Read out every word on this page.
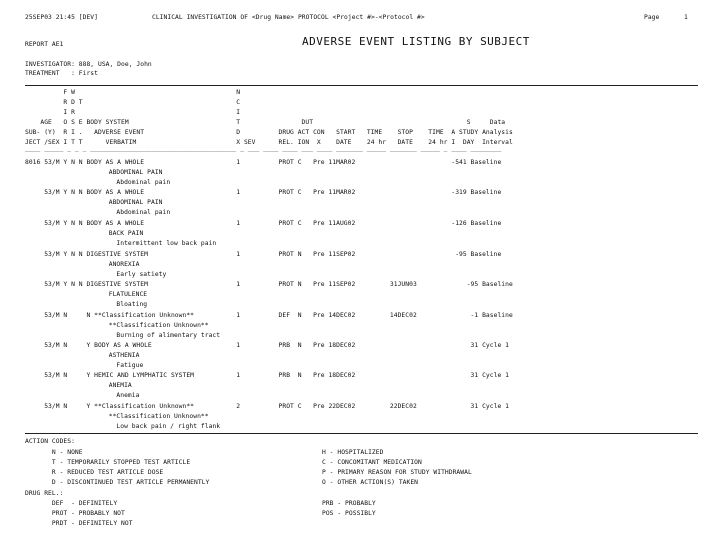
25SEP03 21:45 [DEV]	CLINICAL INVESTIGATION OF <Drug Name> PROTOCOL <Project #>-<Protocol #>	Page	1
REPORT AE1	ADVERSE EVENT LISTING BY SUBJECT
INVESTIGATOR: 888, USA, Doe, John
TREATMENT   : First
F W                                          N
R D T                                        C
I R                                          I
AGE   O S E BODY SYSTEM                            T                DUT                                        S     Data
SUB- (Y)  R I .   ADVERSE EVENT                        D          DRUG ACT CON   START   TIME    STOP    TIME  A STUDY Analysis
JECT /SEX I T T      VERBATIM                          X SEV      REL. ION  X    DATE    24 hr   DATE    24 hr I  DAY  Interval
____ _____ _ _ _ ______________________________________ _ ___ ____ ____ ___ ____ _______ _____ _______ _____ _ ____ ________
8016 53/M Y N N BODY AS A WHOLE                        1          PROT C   Pre 11MAR02                         -541 Baseline
ABDOMINAL PAIN
Abdominal pain
53/M Y N N BODY AS A WHOLE                        1          PROT C   Pre 11MAR02                         -319 Baseline
ABDOMINAL PAIN
Abdominal pain
53/M Y N N BODY AS A WHOLE                        1          PROT C   Pre 11AUG02                         -126 Baseline
BACK PAIN
Intermittent low back pain
53/M Y N N DIGESTIVE SYSTEM                       1          PROT N   Pre 11SEP02                          -95 Baseline
ANOREXIA
Early satiety
53/M Y N N DIGESTIVE SYSTEM                       1          PROT N   Pre 11SEP02         31JUN03             -95 Baseline
FLATULENCE
Bloating
53/M N     N **Classification Unknown**           1          DEF  N   Pre 14DEC02         14DEC02              -1 Baseline
**Classification Unknown**
Burning of alimentary tract
53/M N     Y BODY AS A WHOLE                      1          PRB  N   Pre 18DEC02                              31 Cycle 1
ASTHENIA
Fatigue
53/M N     Y HEMIC AND LYMPHATIC SYSTEM           1          PRB  N   Pre 18DEC02                              31 Cycle 1
ANEMIA
Anemia
53/M N     Y **Classification Unknown**           2          PROT C   Pre 22DEC02         22DEC02              31 Cycle 1
**Classification Unknown**
Low back pain / right flank
ACTION CODES:
N - NONE
T - TEMPORARILY STOPPED TEST ARTICLE
R - REDUCED TEST ARTICLE DOSE
D - DISCONTINUED TEST ARTICLE PERMANENTLY
H - HOSPITALIZED
C - CONCOMITANT MEDICATION
P - PRIMARY REASON FOR STUDY WITHDRAWAL
O - OTHER ACTION(S) TAKEN
DRUG REL.:
DEF  - DEFINITELY
PROT - PROBABLY NOT
PRDT - DEFINITELY NOT
PRB - PROBABLY
POS - POSSIBLY
